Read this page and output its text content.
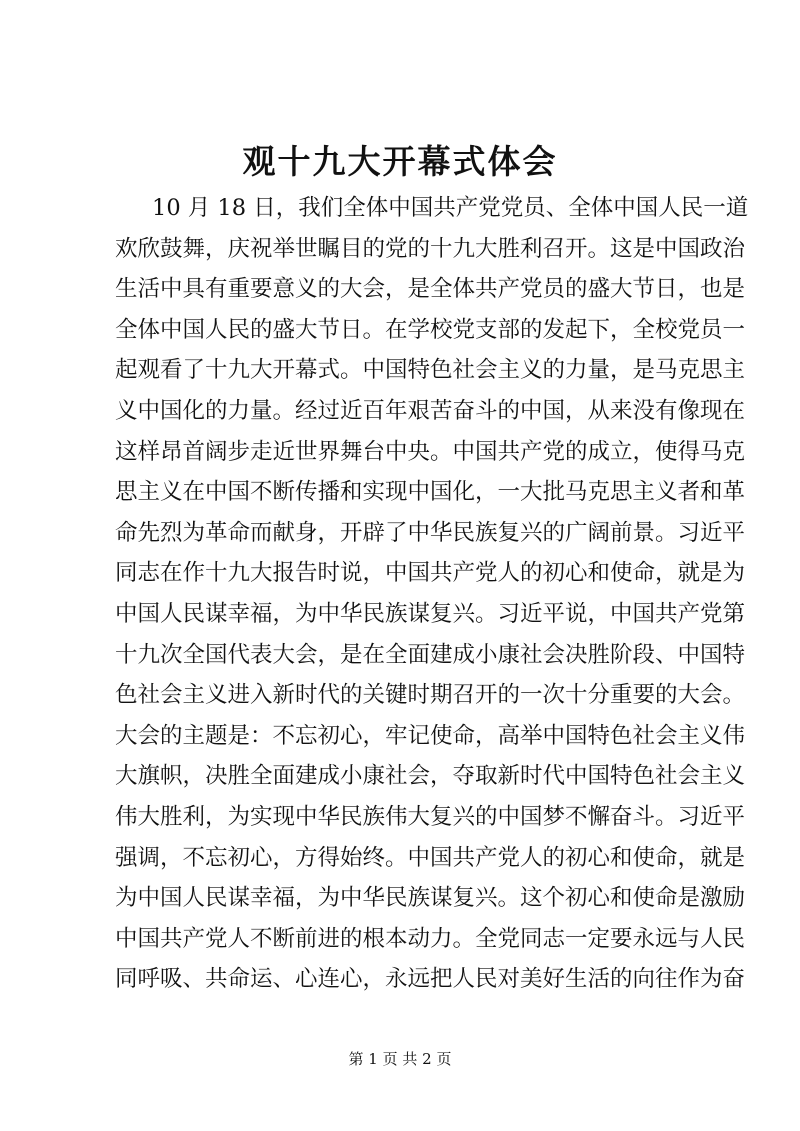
观十九大开幕式体会
10 月 18 日，我们全体中国共产党党员、全体中国人民一道
欢欣鼓舞，庆祝举世瞩目的党的十九大胜利召开。这是中国政治
生活中具有重要意义的大会，是全体共产党员的盛大节日，也是
全体中国人民的盛大节日。在学校党支部的发起下，全校党员一
起观看了十九大开幕式。中国特色社会主义的力量，是马克思主
义中国化的力量。经过近百年艰苦奋斗的中国，从来没有像现在
这样昂首阔步走近世界舞台中央。中国共产党的成立，使得马克
思主义在中国不断传播和实现中国化，一大批马克思主义者和革
命先烈为革命而献身，开辟了中华民族复兴的广阔前景。习近平
同志在作十九大报告时说，中国共产党人的初心和使命，就是为
中国人民谋幸福，为中华民族谋复兴。习近平说，中国共产党第
十九次全国代表大会，是在全面建成小康社会决胜阶段、中国特
色社会主义进入新时代的关键时期召开的一次十分重要的大会。
大会的主题是：不忘初心，牢记使命，高举中国特色社会主义伟
大旗帜，决胜全面建成小康社会，夺取新时代中国特色社会主义
伟大胜利，为实现中华民族伟大复兴的中国梦不懈奋斗。习近平
强调，不忘初心，方得始终。中国共产党人的初心和使命，就是
为中国人民谋幸福，为中华民族谋复兴。这个初心和使命是激励
中国共产党人不断前进的根本动力。全党同志一定要永远与人民
同呼吸、共命运、心连心，永远把人民对美好生活的向往作为奋
第 1 页 共 2 页
